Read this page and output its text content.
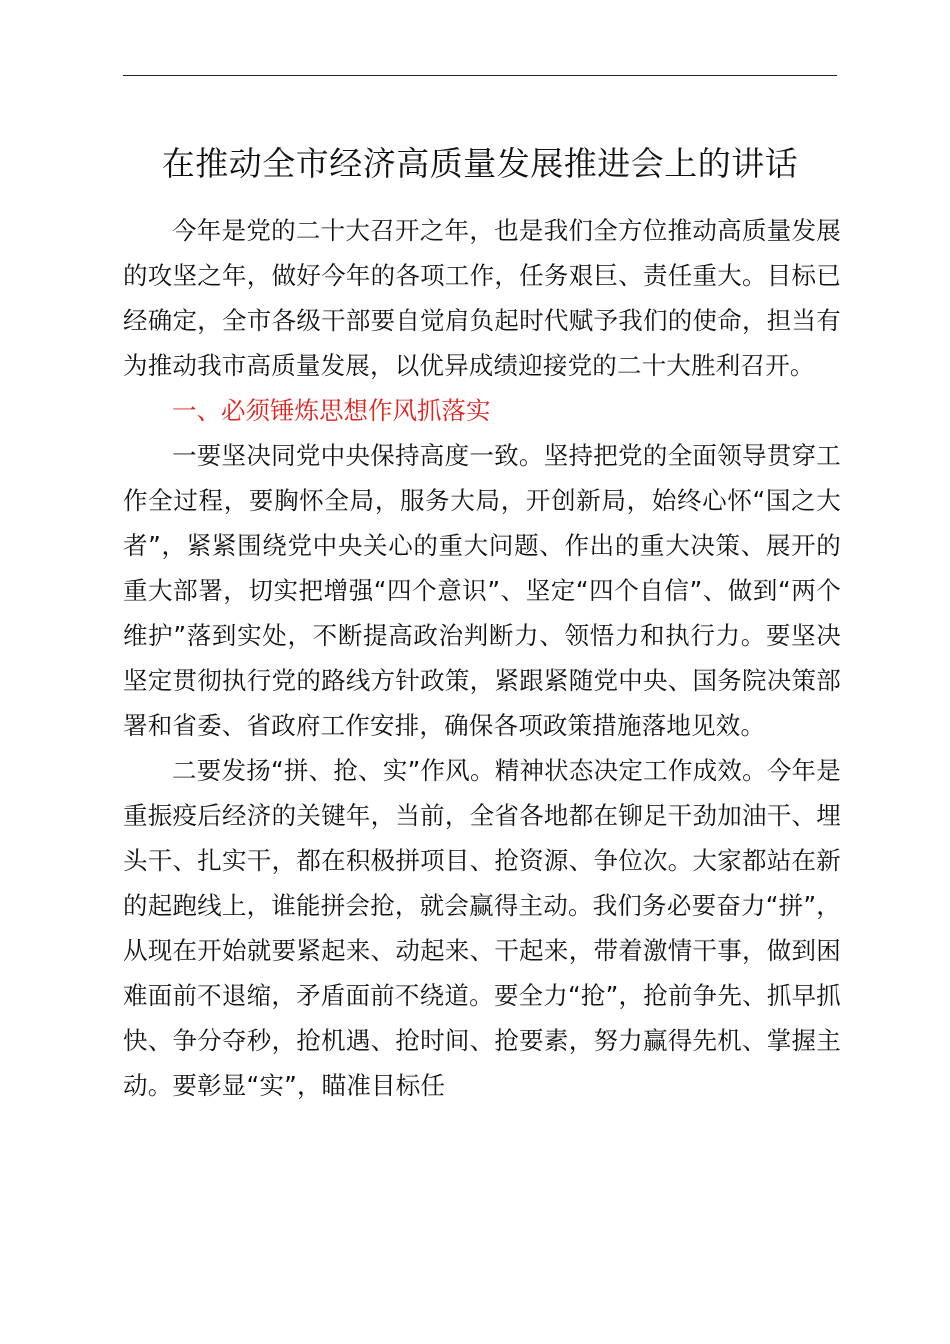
在推动全市经济高质量发展推进会上的讲话

今年是党的二十大召开之年，也是我们全方位推动高质量发展的攻坚之年，做好今年的各项工作，任务艰巨、责任重大。目标已经确定，全市各级干部要自觉肩负起时代赋予我们的使命，担当有为推动我市高质量发展，以优异成绩迎接党的二十大胜利召开。

一、必须锤炼思想作风抓落实

一要坚决同党中央保持高度一致。坚持把党的全面领导贯穿工作全过程，要胸怀全局，服务大局，开创新局，始终心怀“国之大者”，紧紧围绕党中央关心的重大问题、作出的重大决策、展开的重大部署，切实把增强“四个意识”、坚定“四个自信”、做到“两个维护”落到实处，不断提高政治判断力、领悟力和执行力。要坚决坚定贯彻执行党的路线方针政策，紧跟紧随党中央、国务院决策部署和省委、省政府工作安排，确保各项政策措施落地见效。

二要发扬“拼、抢、实”作风。精神状态决定工作成效。今年是重振疫后经济的关键年，当前，全省各地都在铆足干劲加油干、埋头干、扎实干，都在积极拼项目、抢资源、争位次。大家都站在新的起跑线上，谁能拼会抢，就会赢得主动。我们务必要奋力“拼”，从现在开始就要紧起来、动起来、干起来，带着激情干事，做到困难面前不退缩，矛盾面前不绕道。要全力“抢”，抢前争先、抓早抓快、争分夺秒，抢机遇、抢时间、抢要素，努力赢得先机、掌握主动。要彰显“实”，瞄准目标任
